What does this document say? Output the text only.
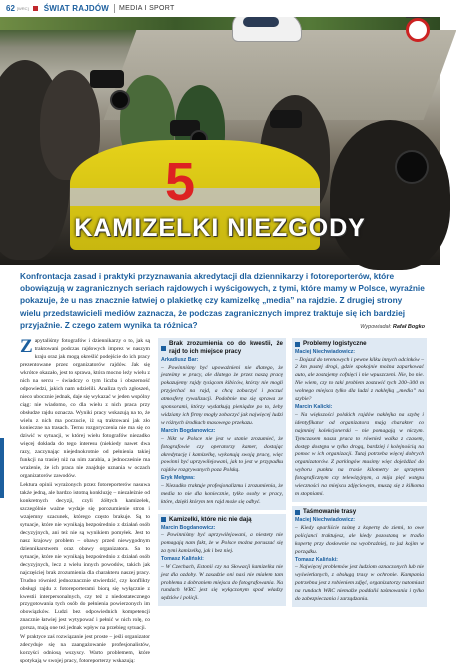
5
62 [WRC] ŚWIAT RAJDÓW	MEDIA I SPORT
KAMIZELKI NIEZGODY
Konfrontacja zasad i praktyki przyznawania akredytacji dla dziennikarzy i fotoreporterów, które obowiązują w zagranicznych seriach rajdowych i wyścigowych, z tymi, które mamy w Polsce, wyraźnie pokazuje, że u nas znacznie łatwiej o plakietkę czy kamizelkę „media” na rajdzie. Z drugiej strony wielu przedstawicieli mediów zaznacza, że podczas zagranicznych imprez traktuje się ich bardziej przyjaźnie. Z czego zatem wynika ta różnica?	Wypowiadał: Rafał Bogko
Z apytaliśmy fotografów i dziennikarzy o to, jak są traktowani podczas rajdowych imprez w naszym kraju oraz jak mogą określić podejście do ich pracy prezentowane przez organizatorów rajdów. Jak się wkrótce okazało, jest to sprawa, która mocno leży wielu z nich na sercu – świadczy o tym liczba i obszerność odpowiedzi, jakich nam udzielili. Analiza tych zgłoszeń, nieco ubocznie jednak, daje się wykazać w jeden wspólny ciąg: nie wiadomo, co dla wielu z nich praca przy obsłudze rajdu oznacza. Wyniki pracy wskazują na to, że wielu z nich ma poczucie, iż są traktowani jak zło konieczne na trasach. Ternu rozgoryczenia nie ma się co dziwić w sytuacji, w której wielu fotografów niezadko więcej dokłada do tego interesu (niekiedy nawet dwa razy, zaczynając niejednokrotnie od pełnienia takiej funkcji na trasie) niż na nim zarabia, a jednocześnie ma wrażenie, że ich praca nie znajduje uznania w oczach organizatorów zawodów.

Lektura opinii wyrażonych przez fotoreporterów nasuwa także jedną, ale bardzo istotną konkluzję – niezależnie od konkretnych decyzji, czyli żółtych kamizelek, szczególnie ważne wydaje się porozumienie stron i wzajemny szacunek, którego często brakuje. Są to sytuacje, które nie wynikają bezpośrednio z działań osób decyzyjnych, ani też nie są wynikiem pomyłek. Jest to nasz krajowy problem – obawy przed niewygodnym dziennikarstwem oraz obawy organizatora. Sa to sytuacje, które nie wynikają bezpośrednio z działań osób decyzyjnych, lecz z wielu innych powodów, takich jak najczęściej brak zrozumienia dla charakteru naszej pracy. Trudno również jednoznacznie stwierdzić, czy konflikty obsługi rajdu z fotoreporterami biorą się wyłącznie z kwestii interpersonalnych, czy też z niedostatecznego przygotowania tych osób do pełnienia powierzonych im obowiązków. Ludzi bez odpowiednich kompetencji znacznie łatwiej jest wytypować i pełnić w nich rolę, co gorsza, mają one też jednak wpływ na przebieg sytuacji.

W praktyce zaś rozwiązanie jest proste – jeśli organizator zdecyduje się na zaangażowanie profesjonalistów, korzyści odniosą wszyscy. Warto problemem, które spotykają w swojej pracy, fotoreporterzy wskazują:

Brak zrozumienia co do kwestii, że rajd to ich miejsce pracy
Arkadiusz Bar:
– Powinniśmy być upoważnieni nie dlatego, że jesteśmy w pracy, ale dlatego że przez naszą pracę pokazujemy rajdy tysiącom kibiców, którzy nie mogli przyjechać na rajd, a chcą zobaczyć i poczuć atmosferę rywalizacji. Podobnie ma się sprawa ze sponsorami, którzy wydatkują pieniądze po to, żeby widziany ich firmy mogły zobaczyć jak najwięcej ludzi w różnych środkach masowego przekazu.
Marcin Bogdanowicz:
– Nikt w Polsce nie jest w stanie zrozumieć, że fotografowie czy operatorzy kamer, dostając akredytację i kamizelkę, wykonują swoją pracę, więc powinni być uprzywilejowani, jak to jest w przypadku rajdów rozgrywanych poza Polską.
Eryk Mełgwa:
– Niezadko traktuje profesjonalizmu i zrozumienia, że media to nie dla koniecznie, tylko osoby w pracy, które, dzięki którym ten rajd może się odbyć.
Kamizelki, które nic nie dają
Marcin Bogdanowicz:
– Powinniśmy być uprzywilejowani, a niestety nie pomagają nam fakt, że w Polsce można poruszać się za tymi kamizelką, jak i bez niej.
Tomasz Kaliński:
– W Czechach, Estonii czy na Słowacji kamizelka nie jest dla ozdoby. W zasadzie oni nasi nie miałem tam problemu z dobraniem miejsca do fotografowania. Na rundach WRC jest się wyłączonym spod władzy sędziów i policji.
Problemy logistyczne
Maciej Niechwiadowicz:
– Dojazd do terenowych i pewne kilku innych odcinków – 2 km pustej drogi, gdzie spokojnie można zaparkować auto, ale zostajemy cofnięci i nie wpuszczeni. Nie, bo nie. Nie wiem, czy to taki problem zostawić tych 200–300 m wolnego miejsca tylko dla ludzi z naklejką „media” na szybie?
Marcin Kalicki:
– Na większości polskich rajdów naklejka na szybę i identyfikator od organizatora mają charakter co najmniej kolekcjonerski – nie pomagają w niczym. Tymczasem nasza praca to również walka z czasem, dostęp dostępu w tylko drogą, bardziej i kolejnością na pomoc w ich organizacji. Tutaj potrzeba więcej dobrych organizatorów. Z parkingów musimy więc dojeżdżać do wyboru punktu na trasie kilometry ze sprzętem fotograficznym czy telewizyjnym, a mija pięć wstępu wieczności na miejscu zdjęciowym, muszą się z kilkoma m stopniami.
Taśmowanie trasy
Maciej Niechwiadowicz:
– Kiedy oparliście taśmę z kopertę do ziemi, to owe policjanci traktujesz, ale kiedy pozostaną w tradio kopertę przy dosłownie na wyobraźniej, to już kojim w porządku.
Tomasz Kaliński:
– Najwięcej problemów jest ludziom oznaczonych lub nie wyświetlanych, z obsługą trasy w ochronie. Kampania potrzebna jest z robieniem zdjęć, organizatorzy natomiast na rundach WRC niemalże poddaliś taśmowania i tylko do zabezpieczania i zarządzania.
